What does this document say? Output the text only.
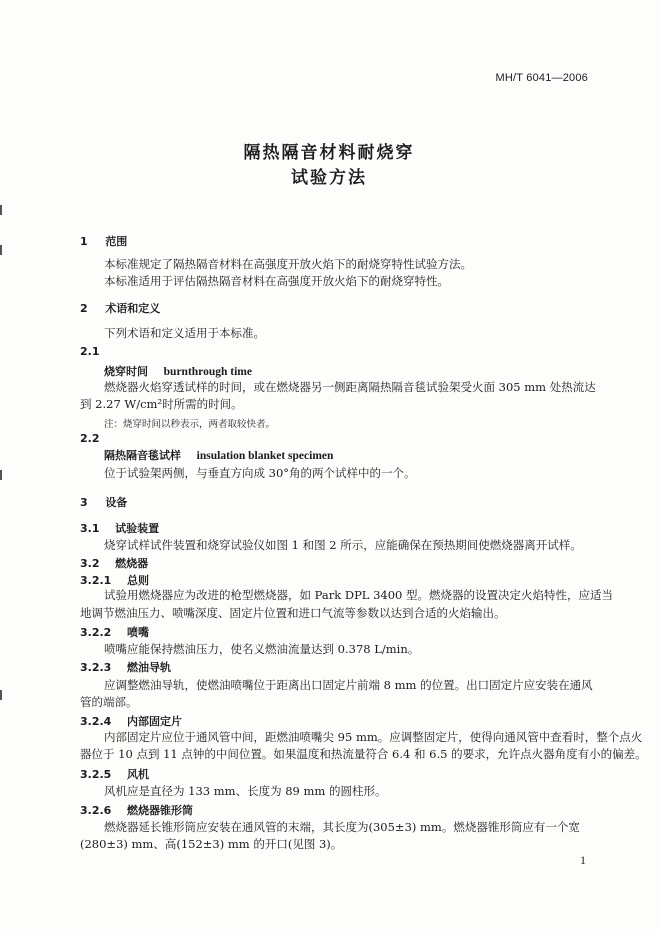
MH/T 6041—2006
隔热隔音材料耐烧穿
试验方法
1 范围
本标准规定了隔热隔音材料在高强度开放火焰下的耐烧穿特性试验方法。
本标准适用于评估隔热隔音材料在高强度开放火焰下的耐烧穿特性。
2 术语和定义
下列术语和定义适用于本标准。
2.1
烧穿时间 burnthrough time
燃烧器火焰穿透试样的时间，或在燃烧器另一侧距离隔热隔音毯试验架受火面 305 mm 处热流达
到 2.27 W/cm²时所需的时间。
注：烧穿时间以秒表示，两者取较快者。
2.2
隔热隔音毯试样 insulation blanket specimen
位于试验架两侧，与垂直方向成 30°角的两个试样中的一个。
3 设备
3.1 试验装置
烧穿试样试件装置和烧穿试验仪如图 1 和图 2 所示，应能确保在预热期间使燃烧器离开试样。
3.2 燃烧器
3.2.1 总则
试验用燃烧器应为改进的枪型燃烧器，如 Park DPL 3400 型。燃烧器的设置决定火焰特性，应适当
地调节燃油压力、喷嘴深度、固定片位置和进口气流等参数以达到合适的火焰输出。
3.2.2 喷嘴
喷嘴应能保持燃油压力，使名义燃油流量达到 0.378 L/min。
3.2.3 燃油导轨
应调整燃油导轨，使燃油喷嘴位于距离出口固定片前端 8 mm 的位置。出口固定片应安装在通风
管的端部。
3.2.4 内部固定片
内部固定片应位于通风管中间，距燃油喷嘴尖 95 mm。应调整固定片，使得向通风管中查看时，整个点火
器位于 10 点到 11 点钟的中间位置。如果温度和热流量符合 6.4 和 6.5 的要求，允许点火器角度有小的偏差。
3.2.5 风机
风机应是直径为 133 mm、长度为 89 mm 的圆柱形。
3.2.6 燃烧器锥形筒
燃烧器延长锥形筒应安装在通风管的末端，其长度为(305±3) mm。燃烧器锥形筒应有一个宽
(280±3) mm、高(152±3) mm 的开口(见图 3)。
1
